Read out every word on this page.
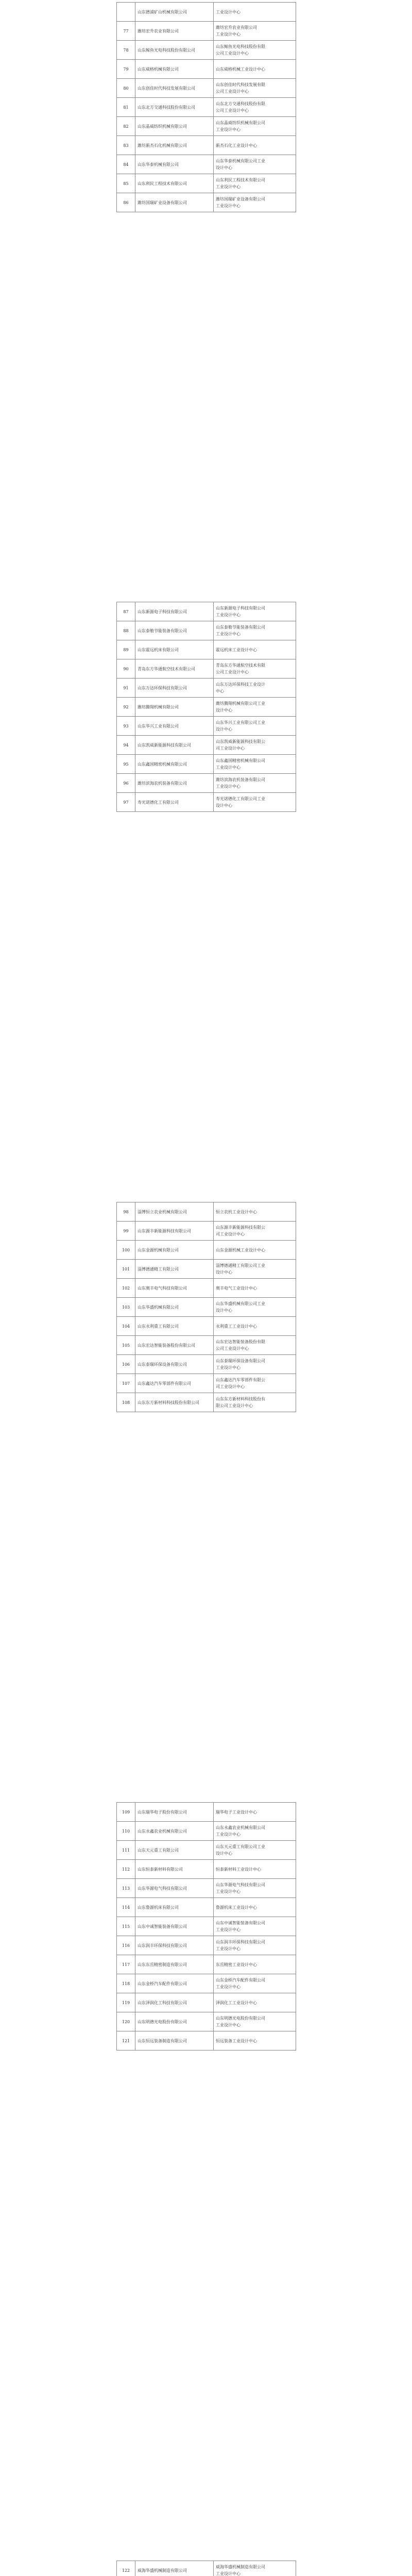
	山东德浦矿山机械有限公司	工业设计中心
77	潍坊宏升农业有限公司	潍坊宏升农业有限公司
工业设计中心
78	山东鲸鱼光电科技股份有限公司	山东鲸鱼光电科技股份有限
公司工业设计中心
79	山东威格机械有限公司	山东威格机械工业设计中心
80	山东创佳时代科技发展有限公司	山东创佳时代科技发展有限
公司工业设计中心
81	山东北方交通科技股份有限公司	山东北方交通科技股份有限
公司工业设计中心
82	山东晶威纺织机械有限公司	山东晶威纺织机械有限公司
工业设计中心
83	潍坊新杰石化机械有限公司	新杰石化工业设计中心
84	山东华泰机械有限公司	山东华泰机械有限公司工业
设计中心
85	山东利民工程技术有限公司	山东利民工程技术有限公司
工业设计中心
86	潍坊国瑞矿业设备有限公司	潍坊国瑞矿业设备有限公司
工业设计中心
87	山东新源电子科技有限公司	山东新源电子科技有限公司
工业设计中心
88	山东泰勒节能装备有限公司	山东泰勒节能装备有限公司
工业设计中心
89	山东霍远机床有限公司	霍远机床工业设计中心
90	青岛东方华通航空技术有限公司	青岛东方华通航空技术有限
公司工业设计中心
91	山东万达环保科技有限公司	山东万达环保科技工业设计
中心
92	潍坊腾翔机械有限公司	潍坊腾翔机械有限公司工业
设计中心
93	山东华兴工业有限公司	山东华兴工业有限公司工业
设计中心
94	山东凯威新能源科技有限公司	山东凯威新能源科技有限公
司工业设计中心
95	山东鑫国精密机械有限公司	山东鑫国精密机械有限公司
工业设计中心
96	潍坊滨海农机装备有限公司	潍坊滨海农机装备有限公司
工业设计中心
97	寿光诺德化工有限公司	寿光诺德化工有限公司工业
设计中心
98	淄博恒立农业机械有限公司	恒立农机工业设计中心
99	山东源丰新能源科技有限公司	山东源丰新能源科技有限公
司工业设计中心
100	山东金源机械有限公司	山东金源机械工业设计中心
101	淄博德通精工有限公司	淄博德通精工有限公司工业
设计中心
102	山东奥丰电气科技有限公司	奥丰电气工业设计中心
103	山东华盛机械有限公司	山东华盛机械有限公司工业
设计中心
104	山东永利重工有限公司	永利重工工业设计中心
105	山东宏达智能装备股份有限公司	山东宏达智能装备股份有限
公司工业设计中心
106	山东泰瑞环保设备有限公司	山东泰瑞环保设备有限公司
工业设计中心
107	山东鑫达汽车零部件有限公司	山东鑫达汽车零部件有限公
司工业设计中心
108	山东东方新材料科技股份有限公司	山东东方新材料科技股份有
限公司工业设计中心
109	山东瑞华电子股份有限公司	瑞华电子工业设计中心
110	山东永鑫农业机械有限公司	山东永鑫农业机械有限公司
工业设计中心
111	山东天元重工有限公司	山东天元重工有限公司工业
设计中心
112	山东恒泰新材料有限公司	恒泰新材料工业设计中心
113	山东华源电气科技有限公司	山东华源电气科技有限公司
工业设计中心
114	山东鲁源机床有限公司	鲁源机床工业设计中心
115	山东中诚智能装备有限公司	山东中诚智能装备有限公司
工业设计中心
116	山东润丰环保科技有限公司	山东润丰环保科技有限公司
工业设计中心
117	山东东岳精密制造有限公司	东岳精密工业设计中心
118	山东金桥汽车配件有限公司	山东金桥汽车配件有限公司
工业设计中心
119	山东泽润化工科技有限公司	泽润化工工业设计中心
120	山东明德光电股份有限公司	山东明德光电股份有限公司
工业设计中心
121	山东恒远装备制造有限公司	恒远装备工业设计中心
122	威海华盛机械制造有限公司	威海华盛机械制造有限公司
工业设计中心
